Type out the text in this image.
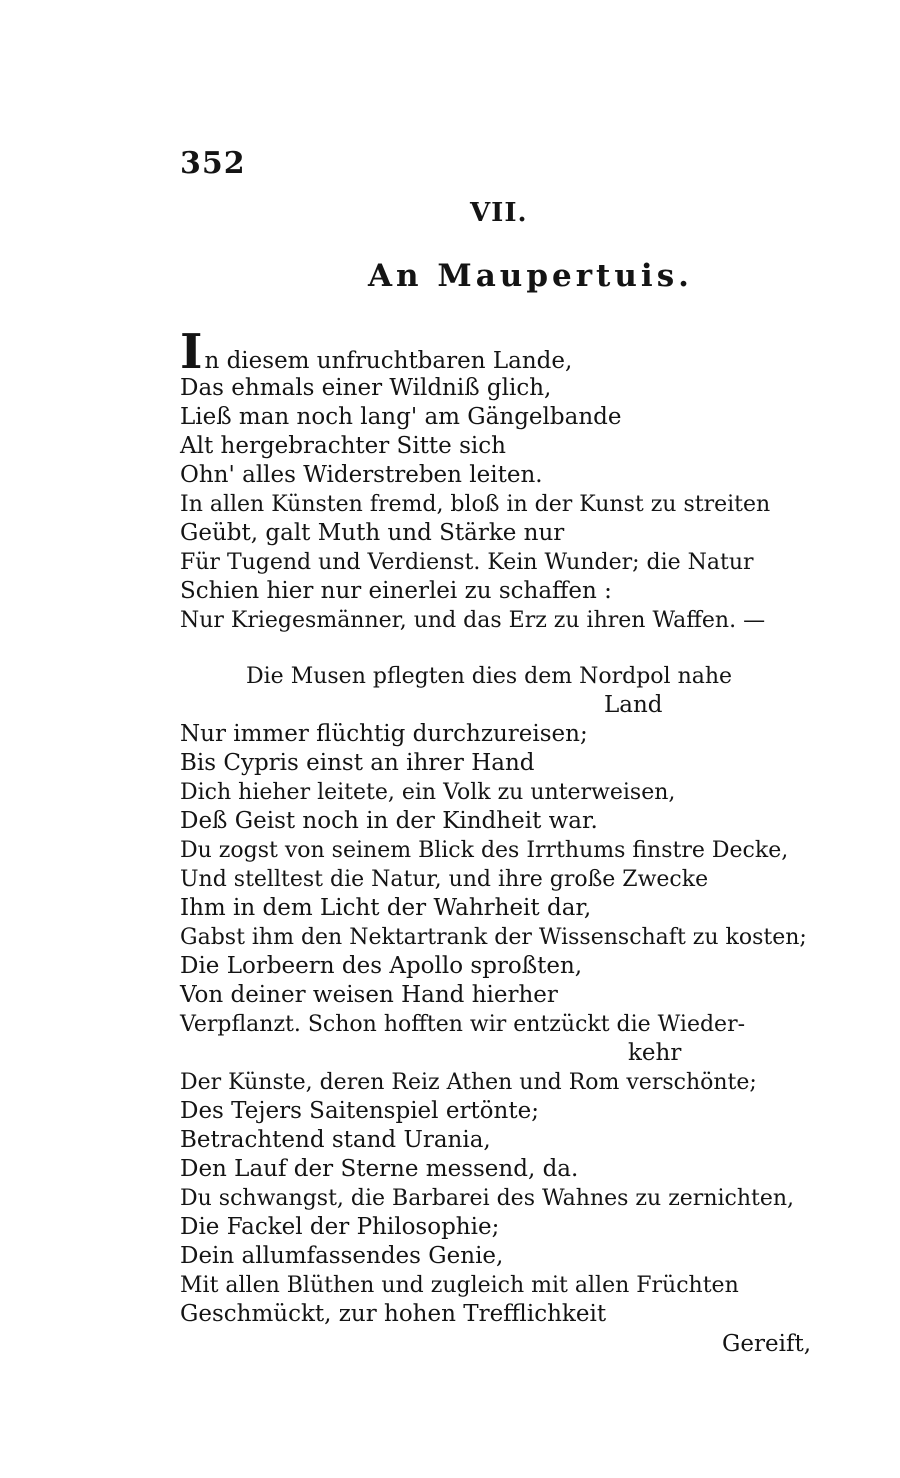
352
VII.
An Maupertuis.
In diesem unfruchtbaren Lande,
Das ehmals einer Wildniß glich,
Ließ man noch lang' am Gängelbande
Alt hergebrachter Sitte sich
Ohn' alles Widerstreben leiten.
In allen Künsten fremd, bloß in der Kunst zu streiten
Geübt, galt Muth und Stärke nur
Für Tugend und Verdienst. Kein Wunder; die Natur
Schien hier nur einerlei zu schaffen :
Nur Kriegesmänner, und das Erz zu ihren Waffen. —
Die Musen pflegten dies dem Nordpol nahe
Land
Nur immer flüchtig durchzureisen;
Bis Cypris einst an ihrer Hand
Dich hieher leitete, ein Volk zu unterweisen,
Deß Geist noch in der Kindheit war.
Du zogst von seinem Blick des Irrthums finstre Decke,
Und stelltest die Natur, und ihre große Zwecke
Ihm in dem Licht der Wahrheit dar,
Gabst ihm den Nektartrank der Wissenschaft zu kosten;
Die Lorbeern des Apollo sproßten,
Von deiner weisen Hand hierher
Verpflanzt. Schon hofften wir entzückt die Wieder-
kehr
Der Künste, deren Reiz Athen und Rom verschönte;
Des Tejers Saitenspiel ertönte;
Betrachtend stand Urania,
Den Lauf der Sterne messend, da.
Du schwangst, die Barbarei des Wahnes zu zernichten,
Die Fackel der Philosophie;
Dein allumfassendes Genie,
Mit allen Blüthen und zugleich mit allen Früchten
Geschmückt, zur hohen Trefflichkeit
Gereift,
